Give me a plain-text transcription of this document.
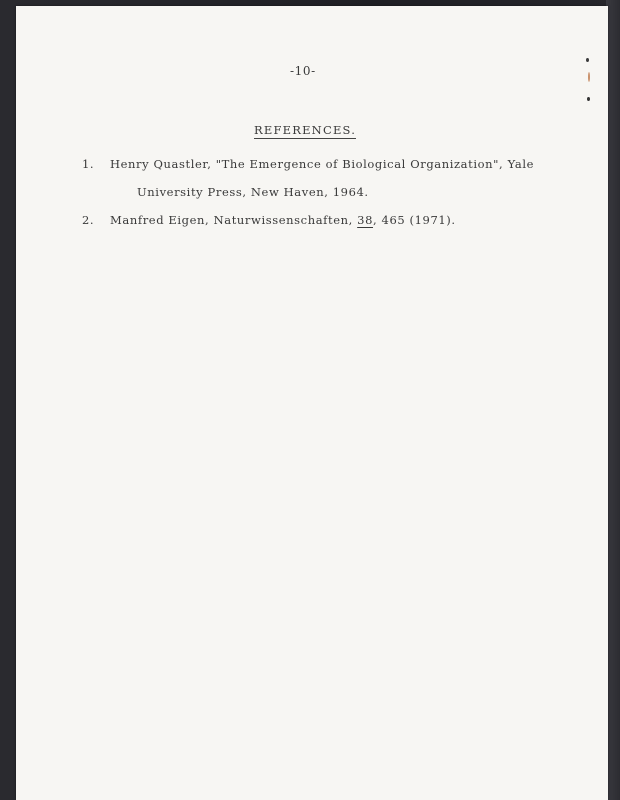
-10-
REFERENCES.
1. Henry Quastler, "The Emergence of Biological Organization", Yale
University Press, New Haven, 1964.
2. Manfred Eigen, Naturwissenschaften, 38, 465 (1971).
